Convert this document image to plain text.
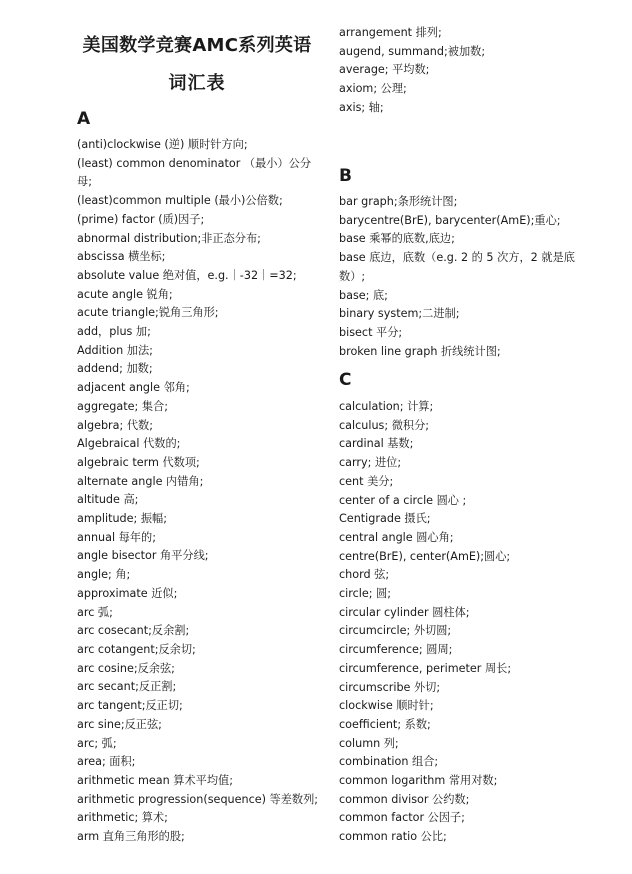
美国数学竞赛AMC系列英语
词汇表
A
(anti)clockwise (逆) 顺时针方向;
(least) common denominator （最小）公分母;
(least)common multiple (最小)公倍数;
(prime) factor (质)因子;
abnormal distribution;非正态分布;
abscissa 横坐标;
absolute value 绝对值，e.g.｜-32｜=32;
acute angle 锐角;
acute triangle;锐角三角形;
add，plus 加;
Addition 加法;
addend; 加数;
adjacent angle 邻角;
aggregate; 集合;
algebra; 代数;
Algebraical 代数的;
algebraic term 代数项;
alternate angle 内错角;
altitude 高;
amplitude; 振幅;
annual 每年的;
angle bisector 角平分线;
angle; 角;
approximate 近似;
arc 弧;
arc cosecant;反余割;
arc cotangent;反余切;
arc cosine;反余弦;
arc secant;反正割;
arc tangent;反正切;
arc sine;反正弦;
arc; 弧;
area; 面积;
arithmetic mean 算术平均值;
arithmetic progression(sequence) 等差数列;
arithmetic; 算术;
arm 直角三角形的股;
arrangement 排列;
augend, summand;被加数;
average; 平均数;
axiom; 公理;
axis; 轴;
B
bar graph;条形统计图;
barycentre(BrE), barycenter(AmE);重心;
base 乘幂的底数,底边;
base 底边，底数（e.g. 2 的 5 次方，2 就是底数）;
base; 底;
binary system;二进制;
bisect 平分;
broken line graph 折线统计图;
C
calculation; 计算;
calculus; 微积分;
cardinal 基数;
carry; 进位;
cent 美分;
center of a circle 圆心 ;
Centigrade 摄氏;
central angle 圆心角;
centre(BrE), center(AmE);圆心;
chord 弦;
circle; 圆;
circular cylinder 圆柱体;
circumcircle; 外切圆;
circumference; 圆周;
circumference, perimeter 周长;
circumscribe 外切;
clockwise 顺时针;
coefficient; 系数;
column 列;
combination 组合;
common logarithm 常用对数;
common divisor 公约数;
common factor 公因子;
common ratio 公比;
